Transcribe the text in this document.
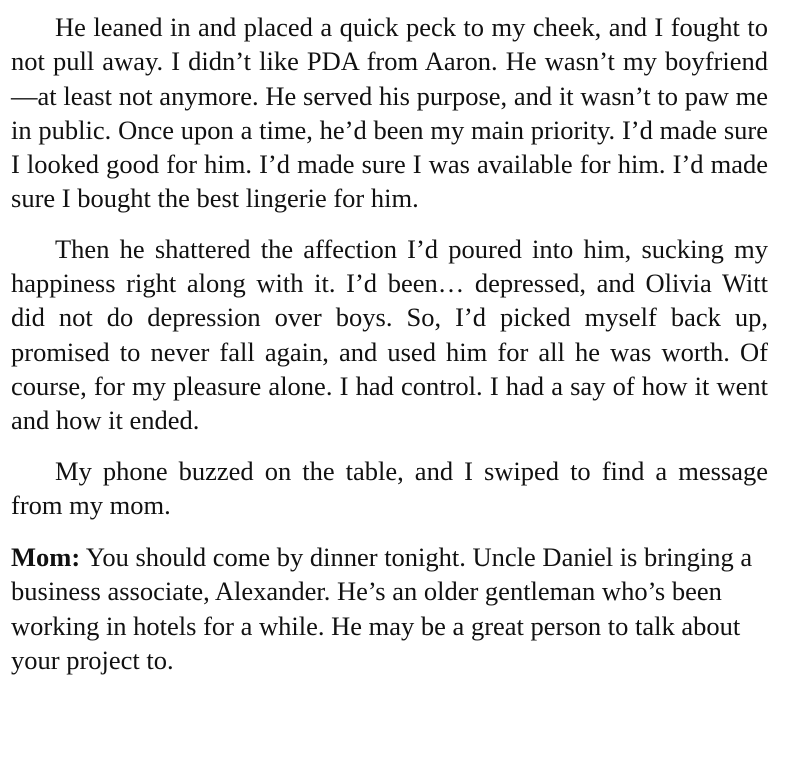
He leaned in and placed a quick peck to my cheek, and I fought to not pull away. I didn’t like PDA from Aaron. He wasn’t my boyfriend—at least not anymore. He served his purpose, and it wasn’t to paw me in public. Once upon a time, he’d been my main priority. I’d made sure I looked good for him. I’d made sure I was available for him. I’d made sure I bought the best lingerie for him.

Then he shattered the affection I’d poured into him, sucking my happiness right along with it. I’d been… depressed, and Olivia Witt did not do depression over boys. So, I’d picked myself back up, promised to never fall again, and used him for all he was worth. Of course, for my pleasure alone. I had control. I had a say of how it went and how it ended.

My phone buzzed on the table, and I swiped to find a message from my mom.

Mom: You should come by dinner tonight. Uncle Daniel is bringing a business associate, Alexander. He’s an older gentleman who’s been working in hotels for a while. He may be a great person to talk about your project to.
